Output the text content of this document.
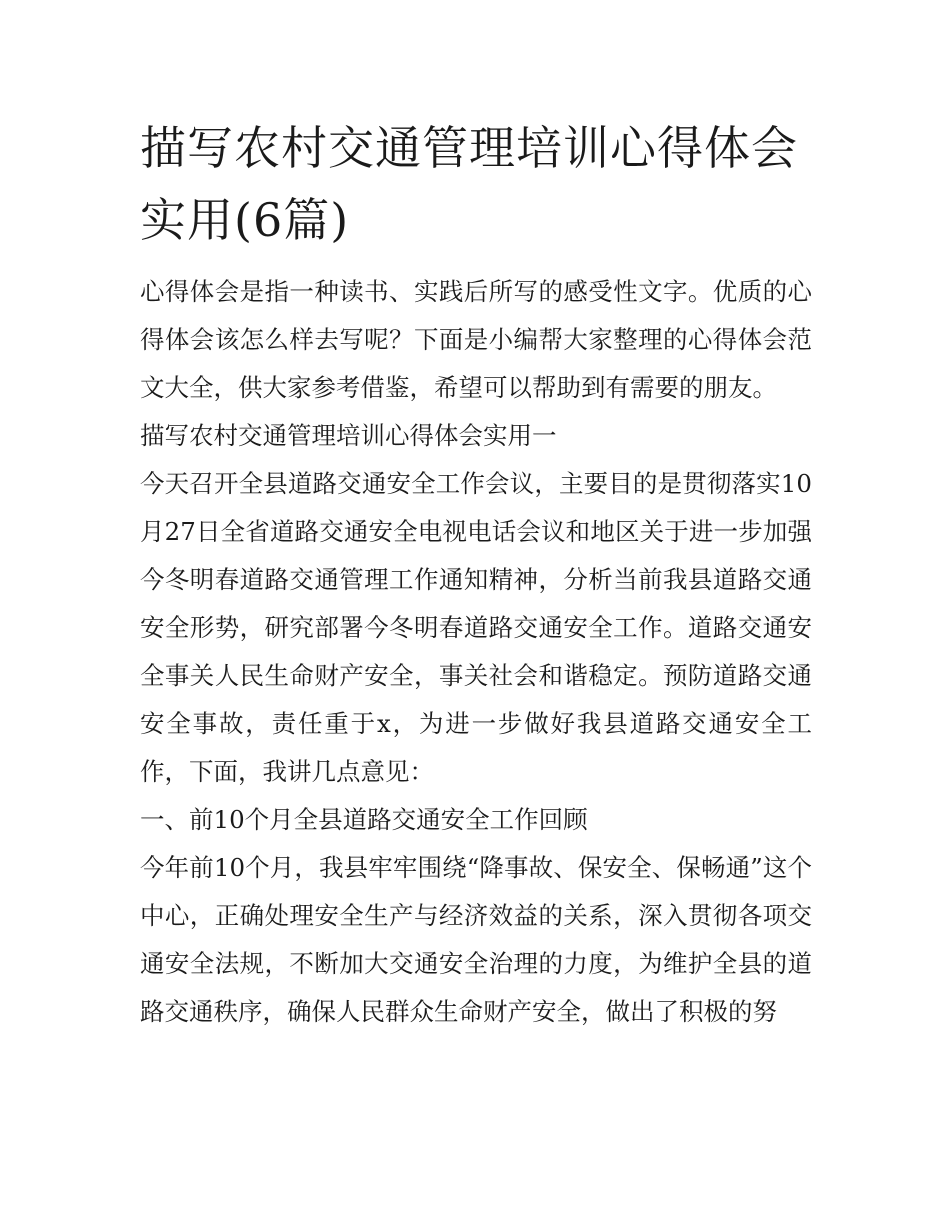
描写农村交通管理培训心得体会实用(6篇)

心得体会是指一种读书、实践后所写的感受性文字。优质的心得体会该怎么样去写呢？下面是小编帮大家整理的心得体会范文大全，供大家参考借鉴，希望可以帮助到有需要的朋友。

描写农村交通管理培训心得体会实用一

今天召开全县道路交通安全工作会议，主要目的是贯彻落实10月27日全省道路交通安全电视电话会议和地区关于进一步加强今冬明春道路交通管理工作通知精神，分析当前我县道路交通安全形势，研究部署今冬明春道路交通安全工作。道路交通安全事关人民生命财产安全，事关社会和谐稳定。预防道路交通安全事故，责任重于x，为进一步做好我县道路交通安全工作，下面，我讲几点意见：

一、前10个月全县道路交通安全工作回顾

今年前10个月，我县牢牢围绕“降事故、保安全、保畅通”这个中心，正确处理安全生产与经济效益的关系，深入贯彻各项交通安全法规，不断加大交通安全治理的力度，为维护全县的道路交通秩序，确保人民群众生命财产安全，做出了积极的努
